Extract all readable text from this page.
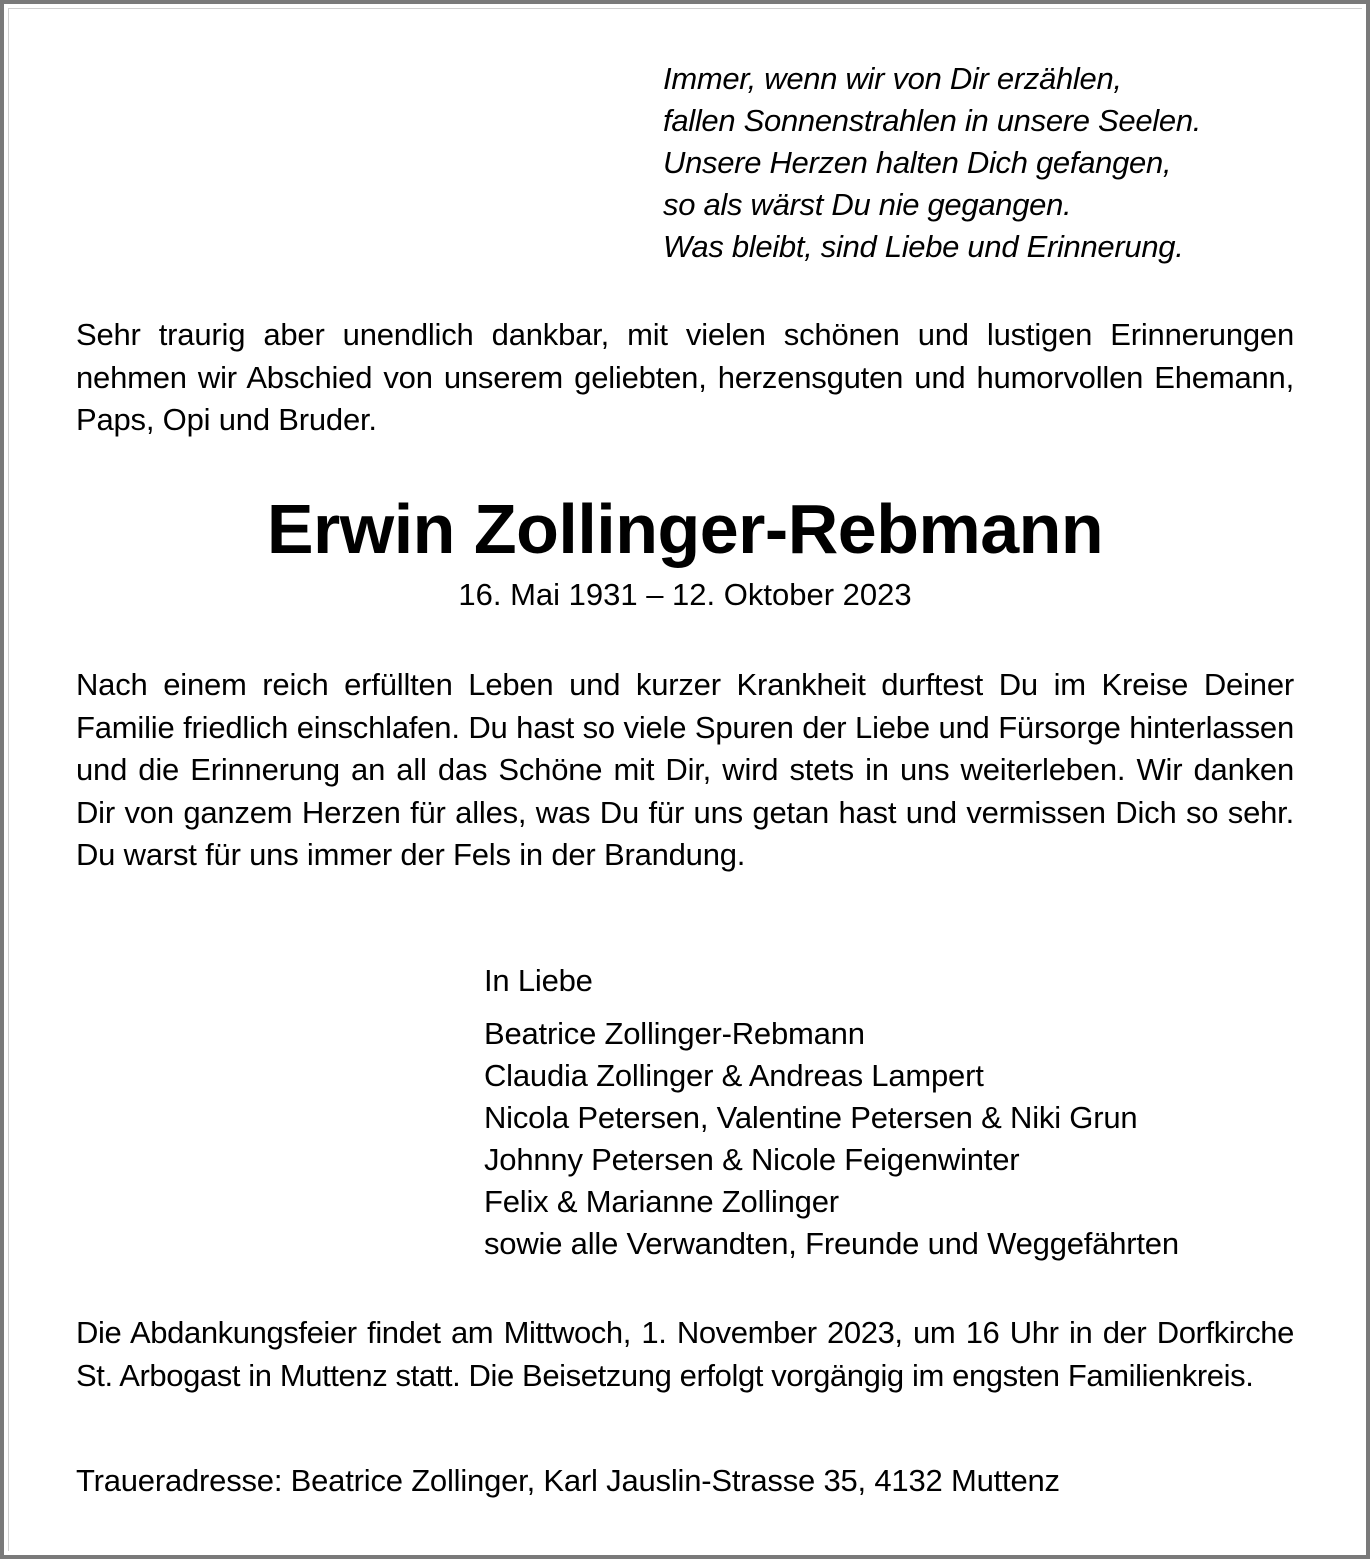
Immer, wenn wir von Dir erzählen,
fallen Sonnenstrahlen in unsere Seelen.
Unsere Herzen halten Dich gefangen,
so als wärst Du nie gegangen.
Was bleibt, sind Liebe und Erinnerung.
Sehr traurig aber unendlich dankbar, mit vielen schönen und lustigen Erinnerungen nehmen wir Abschied von unserem geliebten, herzensguten und humorvollen Ehemann, Paps, Opi und Bruder.
Erwin Zollinger-Rebmann
16. Mai 1931 – 12. Oktober 2023
Nach einem reich erfüllten Leben und kurzer Krankheit durftest Du im Kreise Deiner Familie friedlich einschlafen. Du hast so viele Spuren der Liebe und Fürsorge hinterlassen und die Erinnerung an all das Schöne mit Dir, wird stets in uns weiterleben. Wir danken Dir von ganzem Herzen für alles, was Du für uns getan hast und vermissen Dich so sehr. Du warst für uns immer der Fels in der Brandung.
In Liebe
Beatrice Zollinger-Rebmann
Claudia Zollinger & Andreas Lampert
Nicola Petersen, Valentine Petersen & Niki Grun
Johnny Petersen & Nicole Feigenwinter
Felix & Marianne Zollinger
sowie alle Verwandten, Freunde und Weggefährten
Die Abdankungsfeier findet am Mittwoch, 1. November 2023, um 16 Uhr in der Dorfkirche St. Arbogast in Muttenz statt. Die Beisetzung erfolgt vorgängig im engsten Familienkreis.
Traueradresse: Beatrice Zollinger, Karl Jauslin-Strasse 35, 4132 Muttenz
